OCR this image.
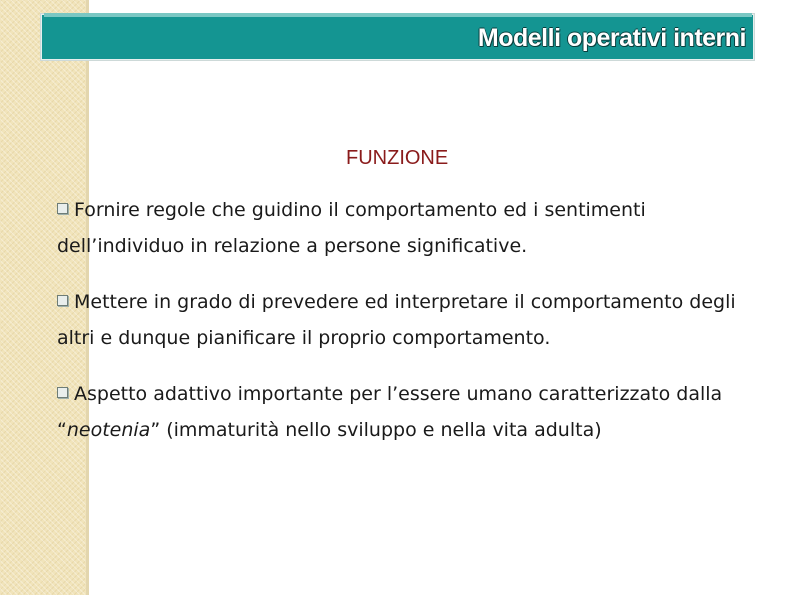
Modelli operativi interni
FUNZIONE

Fornire regole che guidino il comportamento ed i sentimenti dell’individuo in relazione a persone significative.

Mettere in grado di prevedere ed interpretare il comportamento degli altri e dunque pianificare il proprio comportamento.

Aspetto adattivo importante per l’essere umano caratterizzato dalla “neotenia” (immaturità nello sviluppo e nella vita adulta)
